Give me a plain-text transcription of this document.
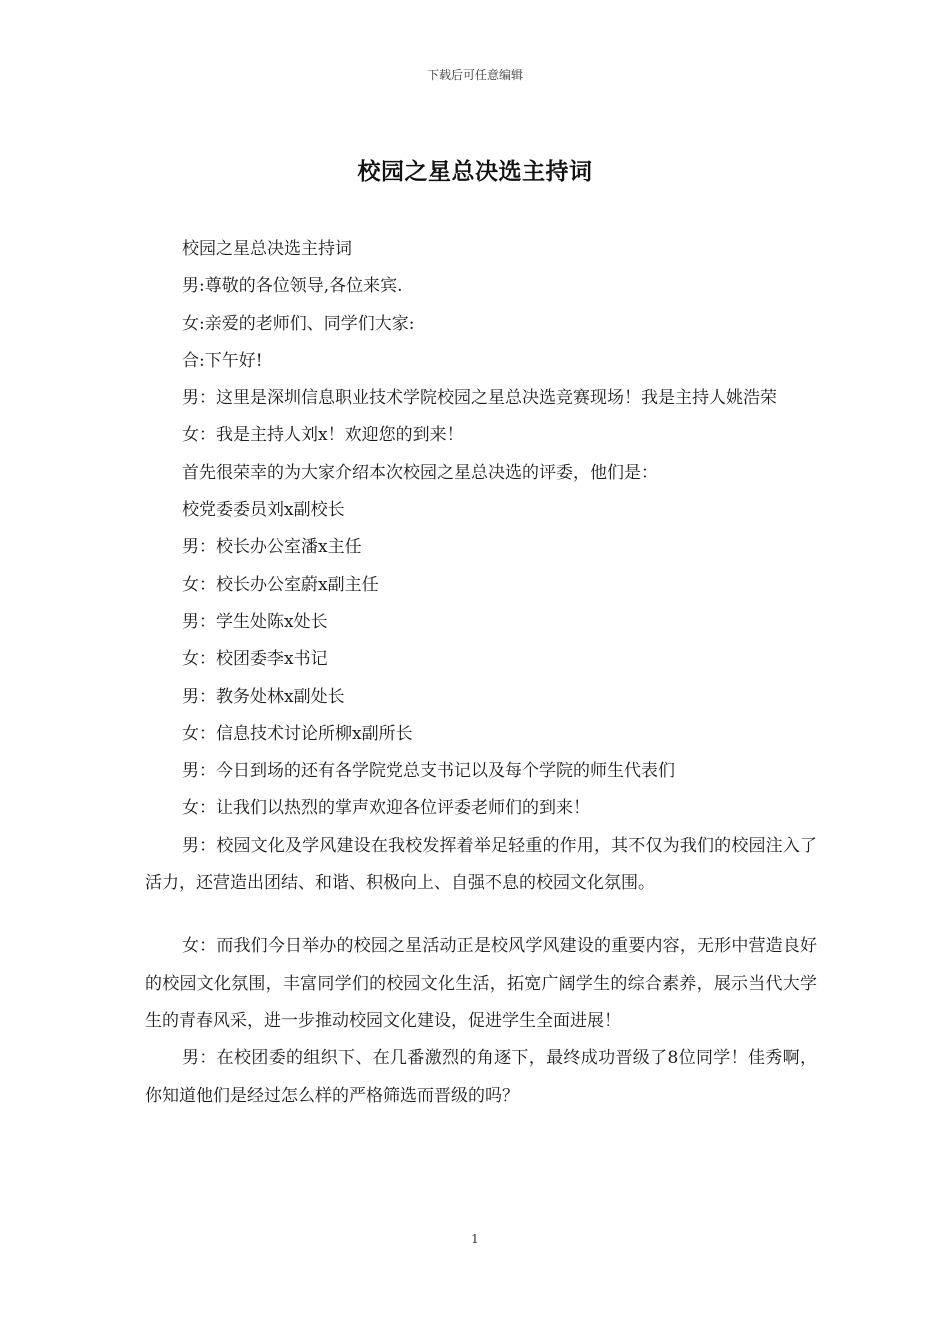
下载后可任意编辑
校园之星总决选主持词

校园之星总决选主持词

男:尊敬的各位领导,各位来宾.

女:亲爱的老师们、同学们大家:

合:下午好!

男：这里是深圳信息职业技术学院校园之星总决选竞赛现场！我是主持人姚浩荣

女：我是主持人刘x！欢迎您的到来！

首先很荣幸的为大家介绍本次校园之星总决选的评委，他们是：

校党委委员刘x副校长

男：校长办公室潘x主任

女：校长办公室蔚x副主任

男：学生处陈x处长

女：校团委李x书记

男：教务处林x副处长

女：信息技术讨论所柳x副所长

男：今日到场的还有各学院党总支书记以及每个学院的师生代表们

女：让我们以热烈的掌声欢迎各位评委老师们的到来！

男：校园文化及学风建设在我校发挥着举足轻重的作用，其不仅为我们的校园注入了活力，还营造出团结、和谐、积极向上、自强不息的校园文化氛围。

女：而我们今日举办的校园之星活动正是校风学风建设的重要内容，无形中营造良好的校园文化氛围，丰富同学们的校园文化生活，拓宽广阔学生的综合素养，展示当代大学生的青春风采，进一步推动校园文化建设，促进学生全面进展！

男：在校团委的组织下、在几番激烈的角逐下，最终成功晋级了8位同学！佳秀啊，你知道他们是经过怎么样的严格筛选而晋级的吗？

1
